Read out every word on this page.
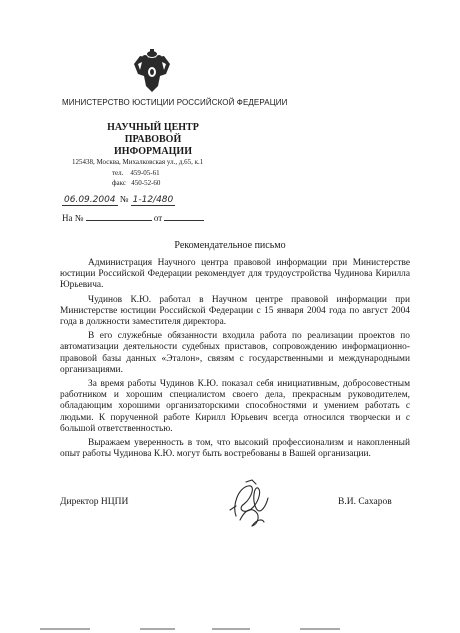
МИНИСТЕРСТВО ЮСТИЦИИ РОССИЙСКОЙ ФЕДЕРАЦИИ
НАУЧНЫЙ ЦЕНТР ПРАВОВОЙ
ИНФОРМАЦИИ
125438, Москва, Михалковская ул., д.65, к.1
тел. 459-05-61
факс 450-52-60
06.09.2004 № 1-12/480
На №	от
Рекомендательное письмо

Администрация Научного центра правовой информации при Министерстве юстиции Российской Федерации рекомендует для трудоустройства Чудинова Кирилла Юрьевича.

Чудинов К.Ю. работал в Научном центре правовой информации при Министерстве юстиции Российской Федерации с 15 января 2004 года по август 2004 года в должности заместителя директора.

В его служебные обязанности входила работа по реализации проектов по автоматизации деятельности судебных приставов, сопровождению информационно-правовой базы данных «Эталон», связям с государственными и международными организациями.

За время работы Чудинов К.Ю. показал себя инициативным, добросовестным работником и хорошим специалистом своего дела, прекрасным руководителем, обладающим хорошими организаторскими способностями и умением работать с людьми. К порученной работе Кирилл Юрьевич всегда относился творчески и с большой ответственностью.

Выражаем уверенность в том, что высокий профессионализм и накопленный опыт работы Чудинова К.Ю. могут быть востребованы в Вашей организации.

Директор НЦПИ	В.И. Сахаров
